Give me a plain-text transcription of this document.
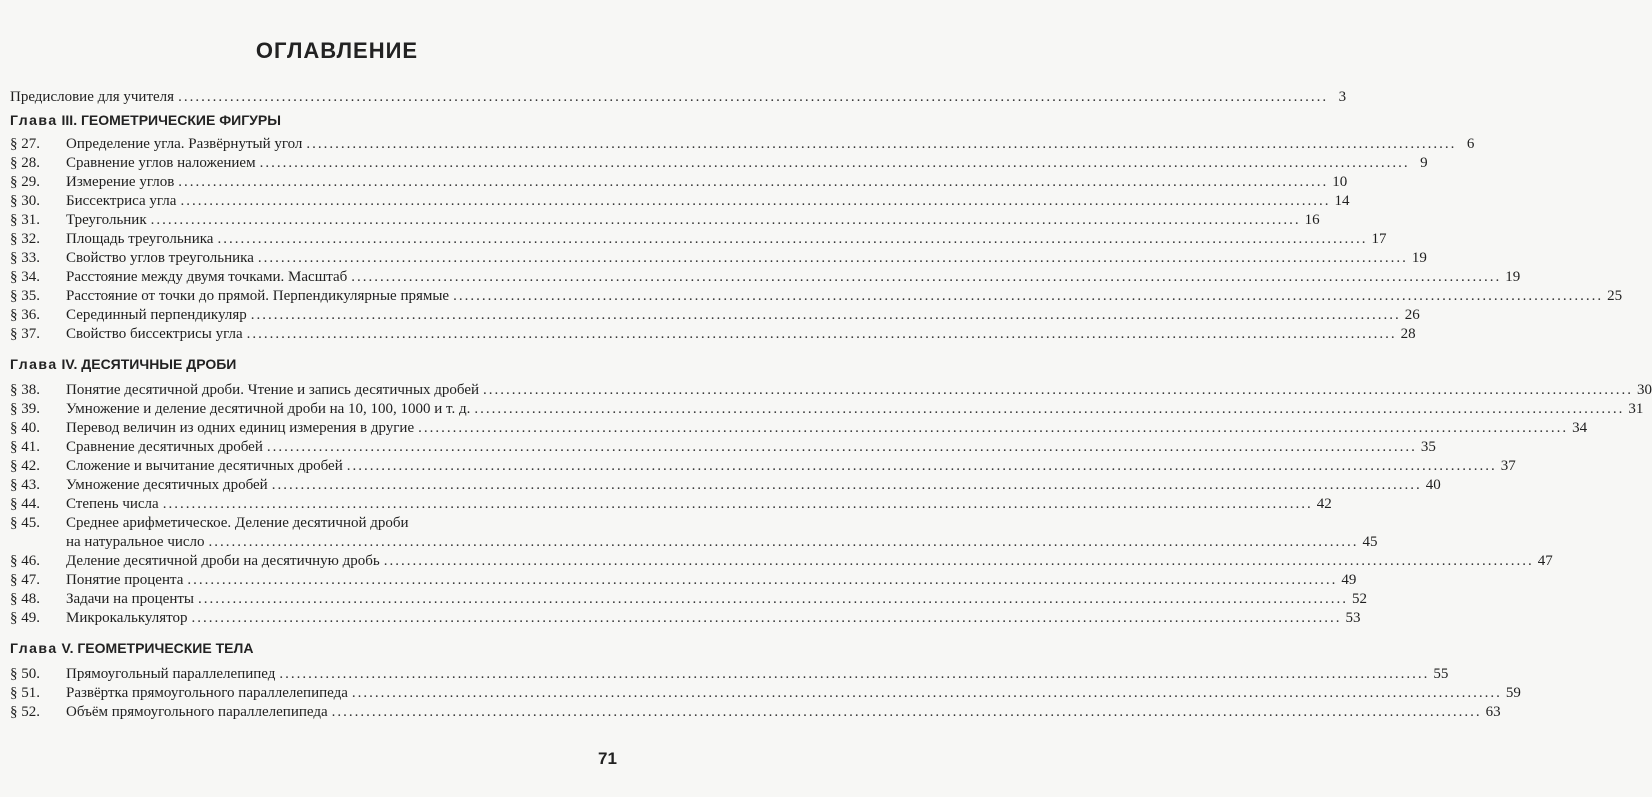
ОГЛАВЛЕНИЕ
Предисловие для учителя ........................................................................................................................................................................................................ 3
Глава III. ГЕОМЕТРИЧЕСКИЕ ФИГУРЫ
§ 27.	Определение угла. Развёрнутый угол ........................................................................................................................................................................................................ 6
§ 28.	Сравнение углов наложением ........................................................................................................................................................................................................ 9
§ 29.	Измерение углов ........................................................................................................................................................................................................ 10
§ 30.	Биссектриса угла ........................................................................................................................................................................................................ 14
§ 31.	Треугольник ........................................................................................................................................................................................................ 16
§ 32.	Площадь треугольника ........................................................................................................................................................................................................ 17
§ 33.	Свойство углов треугольника ........................................................................................................................................................................................................ 19
§ 34.	Расстояние между двумя точками. Масштаб ........................................................................................................................................................................................................ 19
§ 35.	Расстояние от точки до прямой. Перпендикулярные прямые ........................................................................................................................................................................................................ 25
§ 36.	Серединный перпендикуляр ........................................................................................................................................................................................................ 26
§ 37.	Свойство биссектрисы угла ........................................................................................................................................................................................................ 28
Глава IV. ДЕСЯТИЧНЫЕ ДРОБИ
§ 38.	Понятие десятичной дроби. Чтение и запись десятичных дробей ........................................................................................................................................................................................................ 30
§ 39.	Умножение и деление десятичной дроби на 10, 100, 1000 и т. д. ........................................................................................................................................................................................................ 31
§ 40.	Перевод величин из одних единиц измерения в другие ........................................................................................................................................................................................................ 34
§ 41.	Сравнение десятичных дробей ........................................................................................................................................................................................................ 35
§ 42.	Сложение и вычитание десятичных дробей ........................................................................................................................................................................................................ 37
§ 43.	Умножение десятичных дробей ........................................................................................................................................................................................................ 40
§ 44.	Степень числа ........................................................................................................................................................................................................ 42
§ 45.	Среднее арифметическое. Деление десятичной дроби
на натуральное число ........................................................................................................................................................................................................ 45
§ 46.	Деление десятичной дроби на десятичную дробь ........................................................................................................................................................................................................ 47
§ 47.	Понятие процента ........................................................................................................................................................................................................ 49
§ 48.	Задачи на проценты ........................................................................................................................................................................................................ 52
§ 49.	Микрокалькулятор ........................................................................................................................................................................................................ 53
Глава V. ГЕОМЕТРИЧЕСКИЕ ТЕЛА
§ 50.	Прямоугольный параллелепипед ........................................................................................................................................................................................................ 55
§ 51.	Развёртка прямоугольного параллелепипеда ........................................................................................................................................................................................................ 59
§ 52.	Объём прямоугольного параллелепипеда ........................................................................................................................................................................................................ 63
71
